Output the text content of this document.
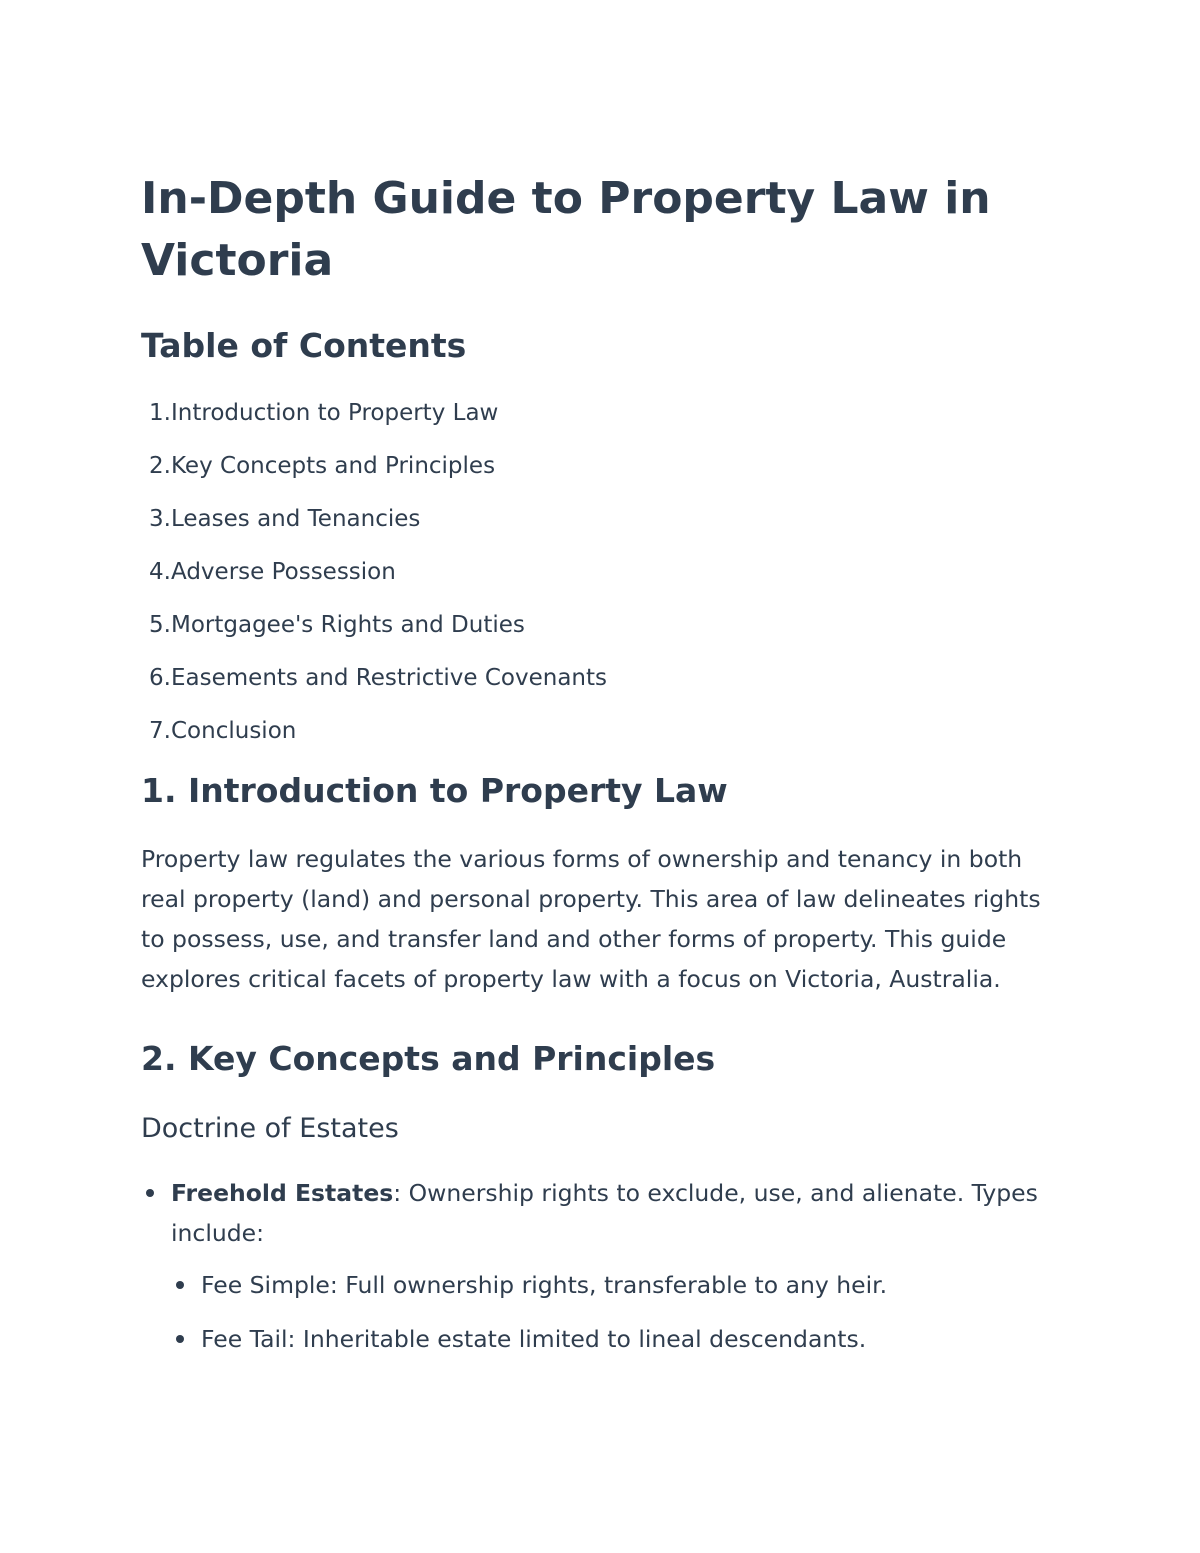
In-Depth Guide to Property Law in Victoria
Table of Contents
1. Introduction to Property Law
2. Key Concepts and Principles
3. Leases and Tenancies
4. Adverse Possession
5. Mortgagee's Rights and Duties
6. Easements and Restrictive Covenants
7. Conclusion
1. Introduction to Property Law

Property law regulates the various forms of ownership and tenancy in both real property (land) and personal property. This area of law delineates rights to possess, use, and transfer land and other forms of property. This guide explores critical facets of property law with a focus on Victoria, Australia.

2. Key Concepts and Principles
Doctrine of Estates
Freehold Estates: Ownership rights to exclude, use, and alienate. Types include:
Fee Simple: Full ownership rights, transferable to any heir.
Fee Tail: Inheritable estate limited to lineal descendants.
